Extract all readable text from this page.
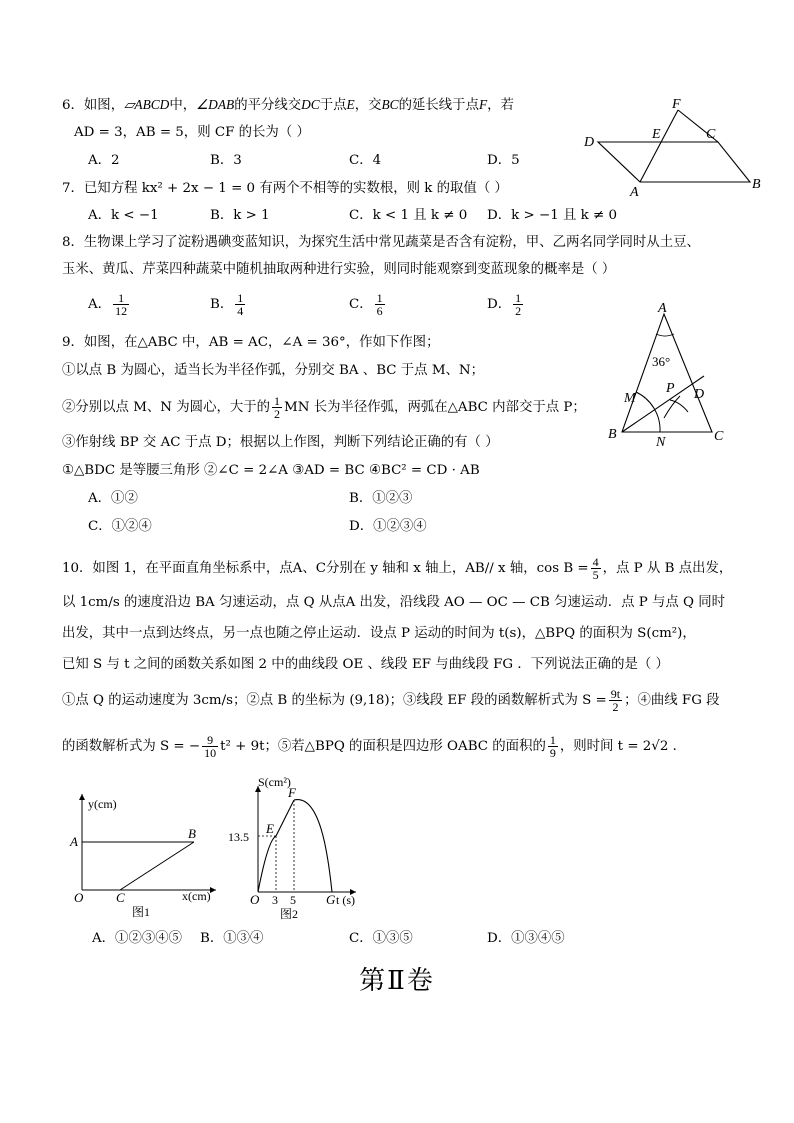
6．如图，▱ABCD中，∠DAB的平分线交DC于点E，交BC的延长线于点F，若
AD = 3，AB = 5，则 CF 的长为（ ）
A．2	B．3	C．4	D．5
F
E	C
D
A
B
7．已知方程 kx² + 2x − 1 = 0 有两个不相等的实数根，则 k 的取值（ ）
A．k < −1	B．k > 1	C．k < 1 且 k ≠ 0 D．k > −1 且 k ≠ 0
8．生物课上学习了淀粉遇碘变蓝知识，为探究生活中常见蔬菜是否含有淀粉，甲、乙两名同学同时从土豆、
玉米、黄瓜、芹菜四种蔬菜中随机抽取两种进行实验，则同时能观察到变蓝现象的概率是（ ）
A． $\frac{1}{12}$	B． $\frac{1}{4}$	C． $\frac{1}{6}$	D． $\frac{1}{2}$
9．如图，在△ABC 中，AB = AC，∠A = 36°，作如下作图；
①以点 B 为圆心，适当长为半径作弧，分别交 BA 、BC 于点 M、N；
②分别以点 M、N 为圆心，大于的 $\frac{1}{2}$ MN 长为半径作弧，两弧在△ABC 内部交于点 P；
③作射线 BP 交 AC 于点 D；根据以上作图，判断下列结论正确的有（ ）
①△BDC 是等腰三角形 ②∠C = 2∠A ③AD = BC ④BC² = CD · AB
A．①②	B．①②③
C．①②④	D．①②③④
A
36°
M
P D
B
N	C
10．如图 1，在平面直角坐标系中，点A、C分别在 y 轴和 x 轴上，AB// x 轴，$\cos B = \frac{4}{5}$ ，点 P 从 B 点出发，
以 1cm/s 的速度沿边 BA 匀速运动，点 Q 从点A 出发，沿线段 AO — OC — CB 匀速运动．点 P 与点 Q 同时
出发，其中一点到达终点，另一点也随之停止运动．设点 P 运动的时间为 t(s)，△BPQ 的面积为 S(cm²)，
已知 S 与 t 之间的函数关系如图 2 中的曲线段 OE 、线段 EF 与曲线段 FG ．下列说法正确的是（ ）
①点 Q 的运动速度为 3cm/s；②点 B 的坐标为 (9,18)；③线段 EF 段的函数解析式为 $S = \frac{9t}{2}$ ；④曲线 FG 段
的函数解析式为 S = − $\frac{9}{10} t^2 + 9t$；⑤若△BPQ 的面积是四边形 OABC 的面积的 $\frac{1}{9}$ ，则时间 t = 2√2 ．
y(cm)
x(cm)
A
B
O	C
图1
S(cm²)
t (s)
13.5
F
E
O 3 5 G
图2
A．①②③④⑤ B．①③④	C．①③⑤	D．①③④⑤
第Ⅱ卷
